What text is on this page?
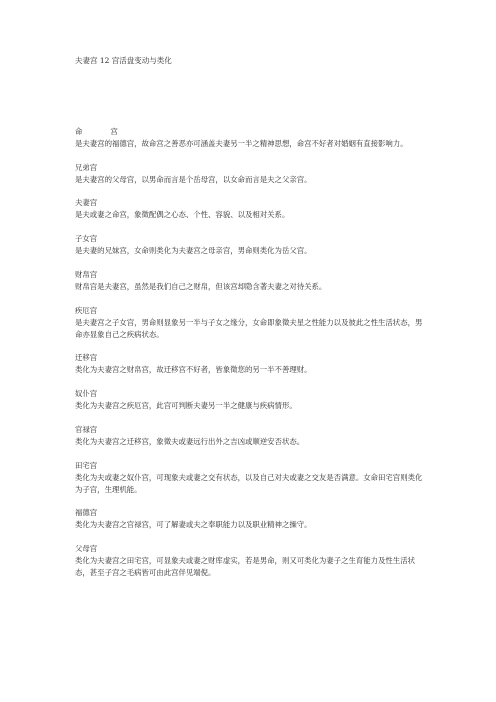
夫妻宫 12 宫活盘变动与类化
命	宫
是夫妻宫的福德宫，故命宫之善恶亦可涵盖夫妻另一半之精神思想，命宫不好者对婚姻有直接影响力。
兄弟宫
是夫妻宫的父母宫，以男命而言是个岳母宫，以女命而言是夫之父亲宫。
夫妻宫
是夫或妻之命宫，象徵配偶之心态、个性、容貌、以及相对关系。
子女宫
是夫妻的兄妹宫，女命则类化为夫妻宫之母亲宫，男命则类化为岳父宫。
财帛宫
财帛宫是夫妻宫，虽然是我们自己之财帛，但该宫却隐含著夫妻之对待关系。
疾厄宫
是夫妻宫之子女宫，男命则显象另一半与子女之缘分，女命即象徵夫星之性能力以及彼此之性生活状态，男命亦显象自己之疾病状态。
迁移宫
类化为夫妻宫之财帛宫，故迁移宫不好者，皆象徵您的另一半不善理财。
奴仆宫
类化为夫妻宫之疾厄宫，此宫可判断夫妻另一半之健康与疾病情形。
官禄宫
类化为夫妻宫之迁移宫，象徵夫或妻远行出外之吉凶或顺逆安否状态。
田宅宫
类化为夫或妻之奴仆宫，可现象夫或妻之交有状态，以及自己对夫或妻之交友是否满意。女命田宅宫则类化为子宫，生理机能。
福德宫
类化为夫妻宫之官禄宫，可了解妻或夫之奉职能力以及职业精神之操守。
父母宫
类化为夫妻宫之田宅宫，可显象夫或妻之财库虚实，若是男命，则又可类化为妻子之生育能力及性生活状态，甚至子宫之毛病皆可由此宫伴见端倪。
